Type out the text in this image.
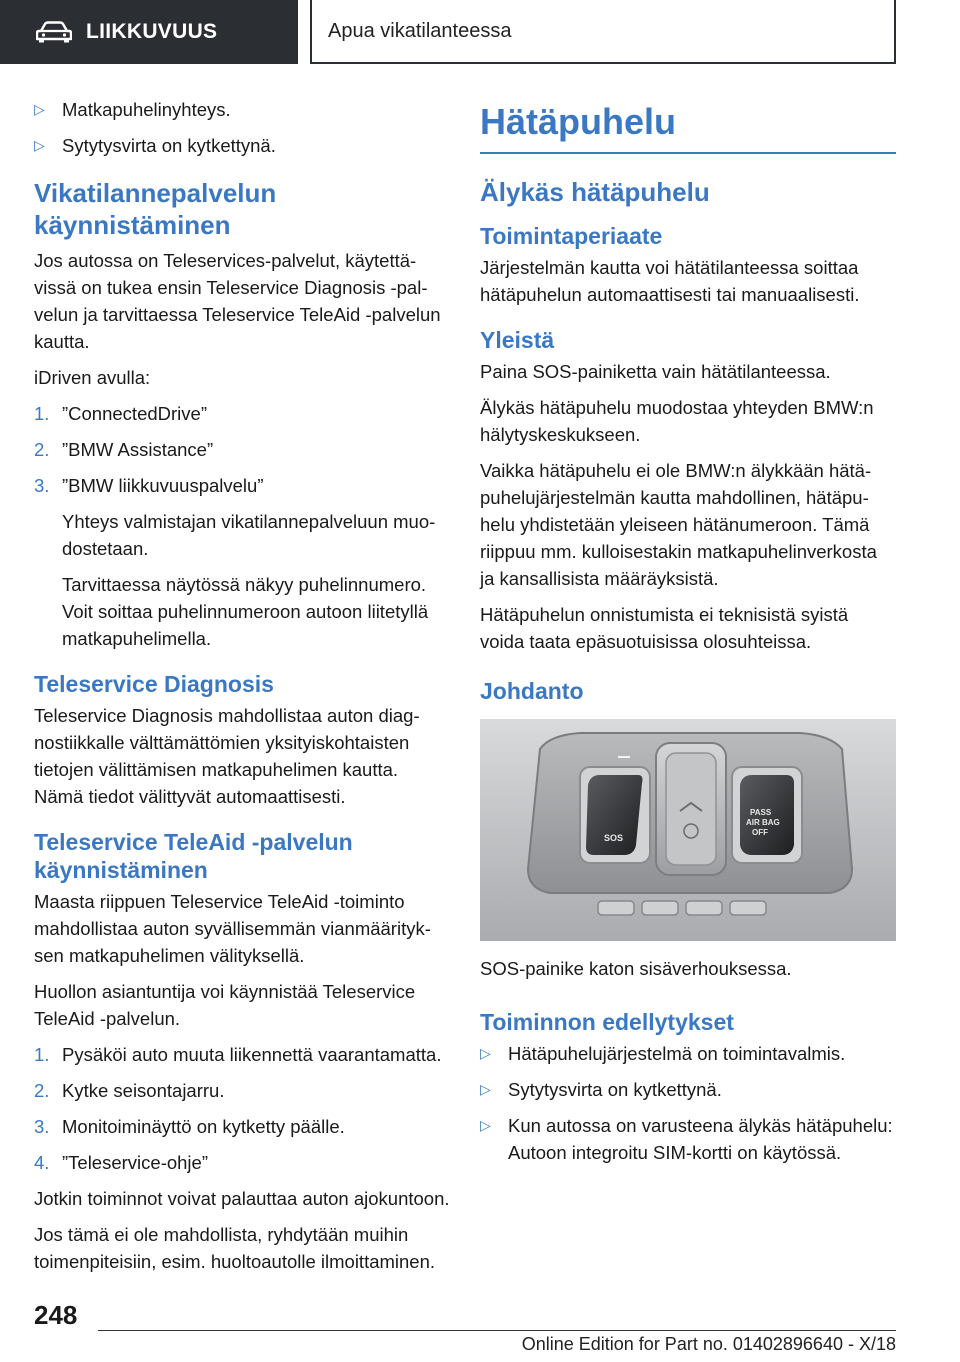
LIIKKUVUUS	Apua vikatilanteessa
▷ Matkapuhelinyhteys.
▷ Sytytysvirta on kytkettynä.
Vikatilannepalvelun käynnistäminen

Jos autossa on Teleservices-palvelut, käytettävissä on tukea ensin Teleservice Diagnosis -palvelun ja tarvittaessa Teleservice TeleAid -palvelun kautta.

iDriven avulla:

1. ”ConnectedDrive”
2. ”BMW Assistance”
3. ”BMW liikkuvuuspalvelu”

Yhteys valmistajan vikatilannepalveluun muodostetaan.

Tarvittaessa näytössä näkyy puhelinnumero. Voit soittaa puhelinnumeroon autoon liitetyllä matkapuhelimella.

Teleservice Diagnosis

Teleservice Diagnosis mahdollistaa auton diagnostiikkalle välttämättömien yksityiskohtaisten tietojen välittämisen matkapuhelimen kautta. Nämä tiedot välittyvät automaattisesti.

Teleservice TeleAid -palvelun käynnistäminen

Maasta riippuen Teleservice TeleAid -toiminto mahdollistaa auton syvällisemmän vianmäärityksen matkapuhelimen välityksellä.

Huollon asiantuntija voi käynnistää Teleservice TeleAid -palvelun.

1. Pysäköi auto muuta liikennettä vaarantamatta.
2. Kytke seisontajarru.
3. Monitoiminäyttö on kytketty päälle.
4. ”Teleservice-ohje”

Jotkin toiminnot voivat palauttaa auton ajokuntoon.

Jos tämä ei ole mahdollista, ryhdytään muihin toimenpiteisiin, esim. huoltoautolle ilmoittaminen.

Hätäpuhelu
Älykäs hätäpuhelu
Toimintaperiaate

Järjestelmän kautta voi hätätilanteessa soittaa hätäpuhelun automaattisesti tai manuaalisesti.

Yleistä

Paina SOS-painiketta vain hätätilanteessa.

Älykäs hätäpuhelu muodostaa yhteyden BMW:n hälytyskeskukseen.

Vaikka hätäpuhelu ei ole BMW:n älykkään hätäpuhelujärjestelmän kautta mahdollinen, hätäpuhelu yhdistetään yleiseen hätänumeroon. Tämä riippuu mm. kulloisestakin matkapuhelinverkosta ja kansallisista määräyksistä.

Hätäpuhelun onnistumista ei teknisistä syistä voida taata epäsuotuisissa olosuhteissa.

Johdanto
SOS
PASS
AIR BAG
OFF

SOS-painike katon sisäverhouksessa.

Toiminnon edellytykset
▷ Hätäpuhelujärjestelmä on toimintavalmis.
▷ Sytytysvirta on kytkettynä.
▷ Kun autossa on varusteena älykäs hätäpuhelu: Autoon integroitu SIM-kortti on käytössä.
248
Online Edition for Part no. 01402896640 - X/18
